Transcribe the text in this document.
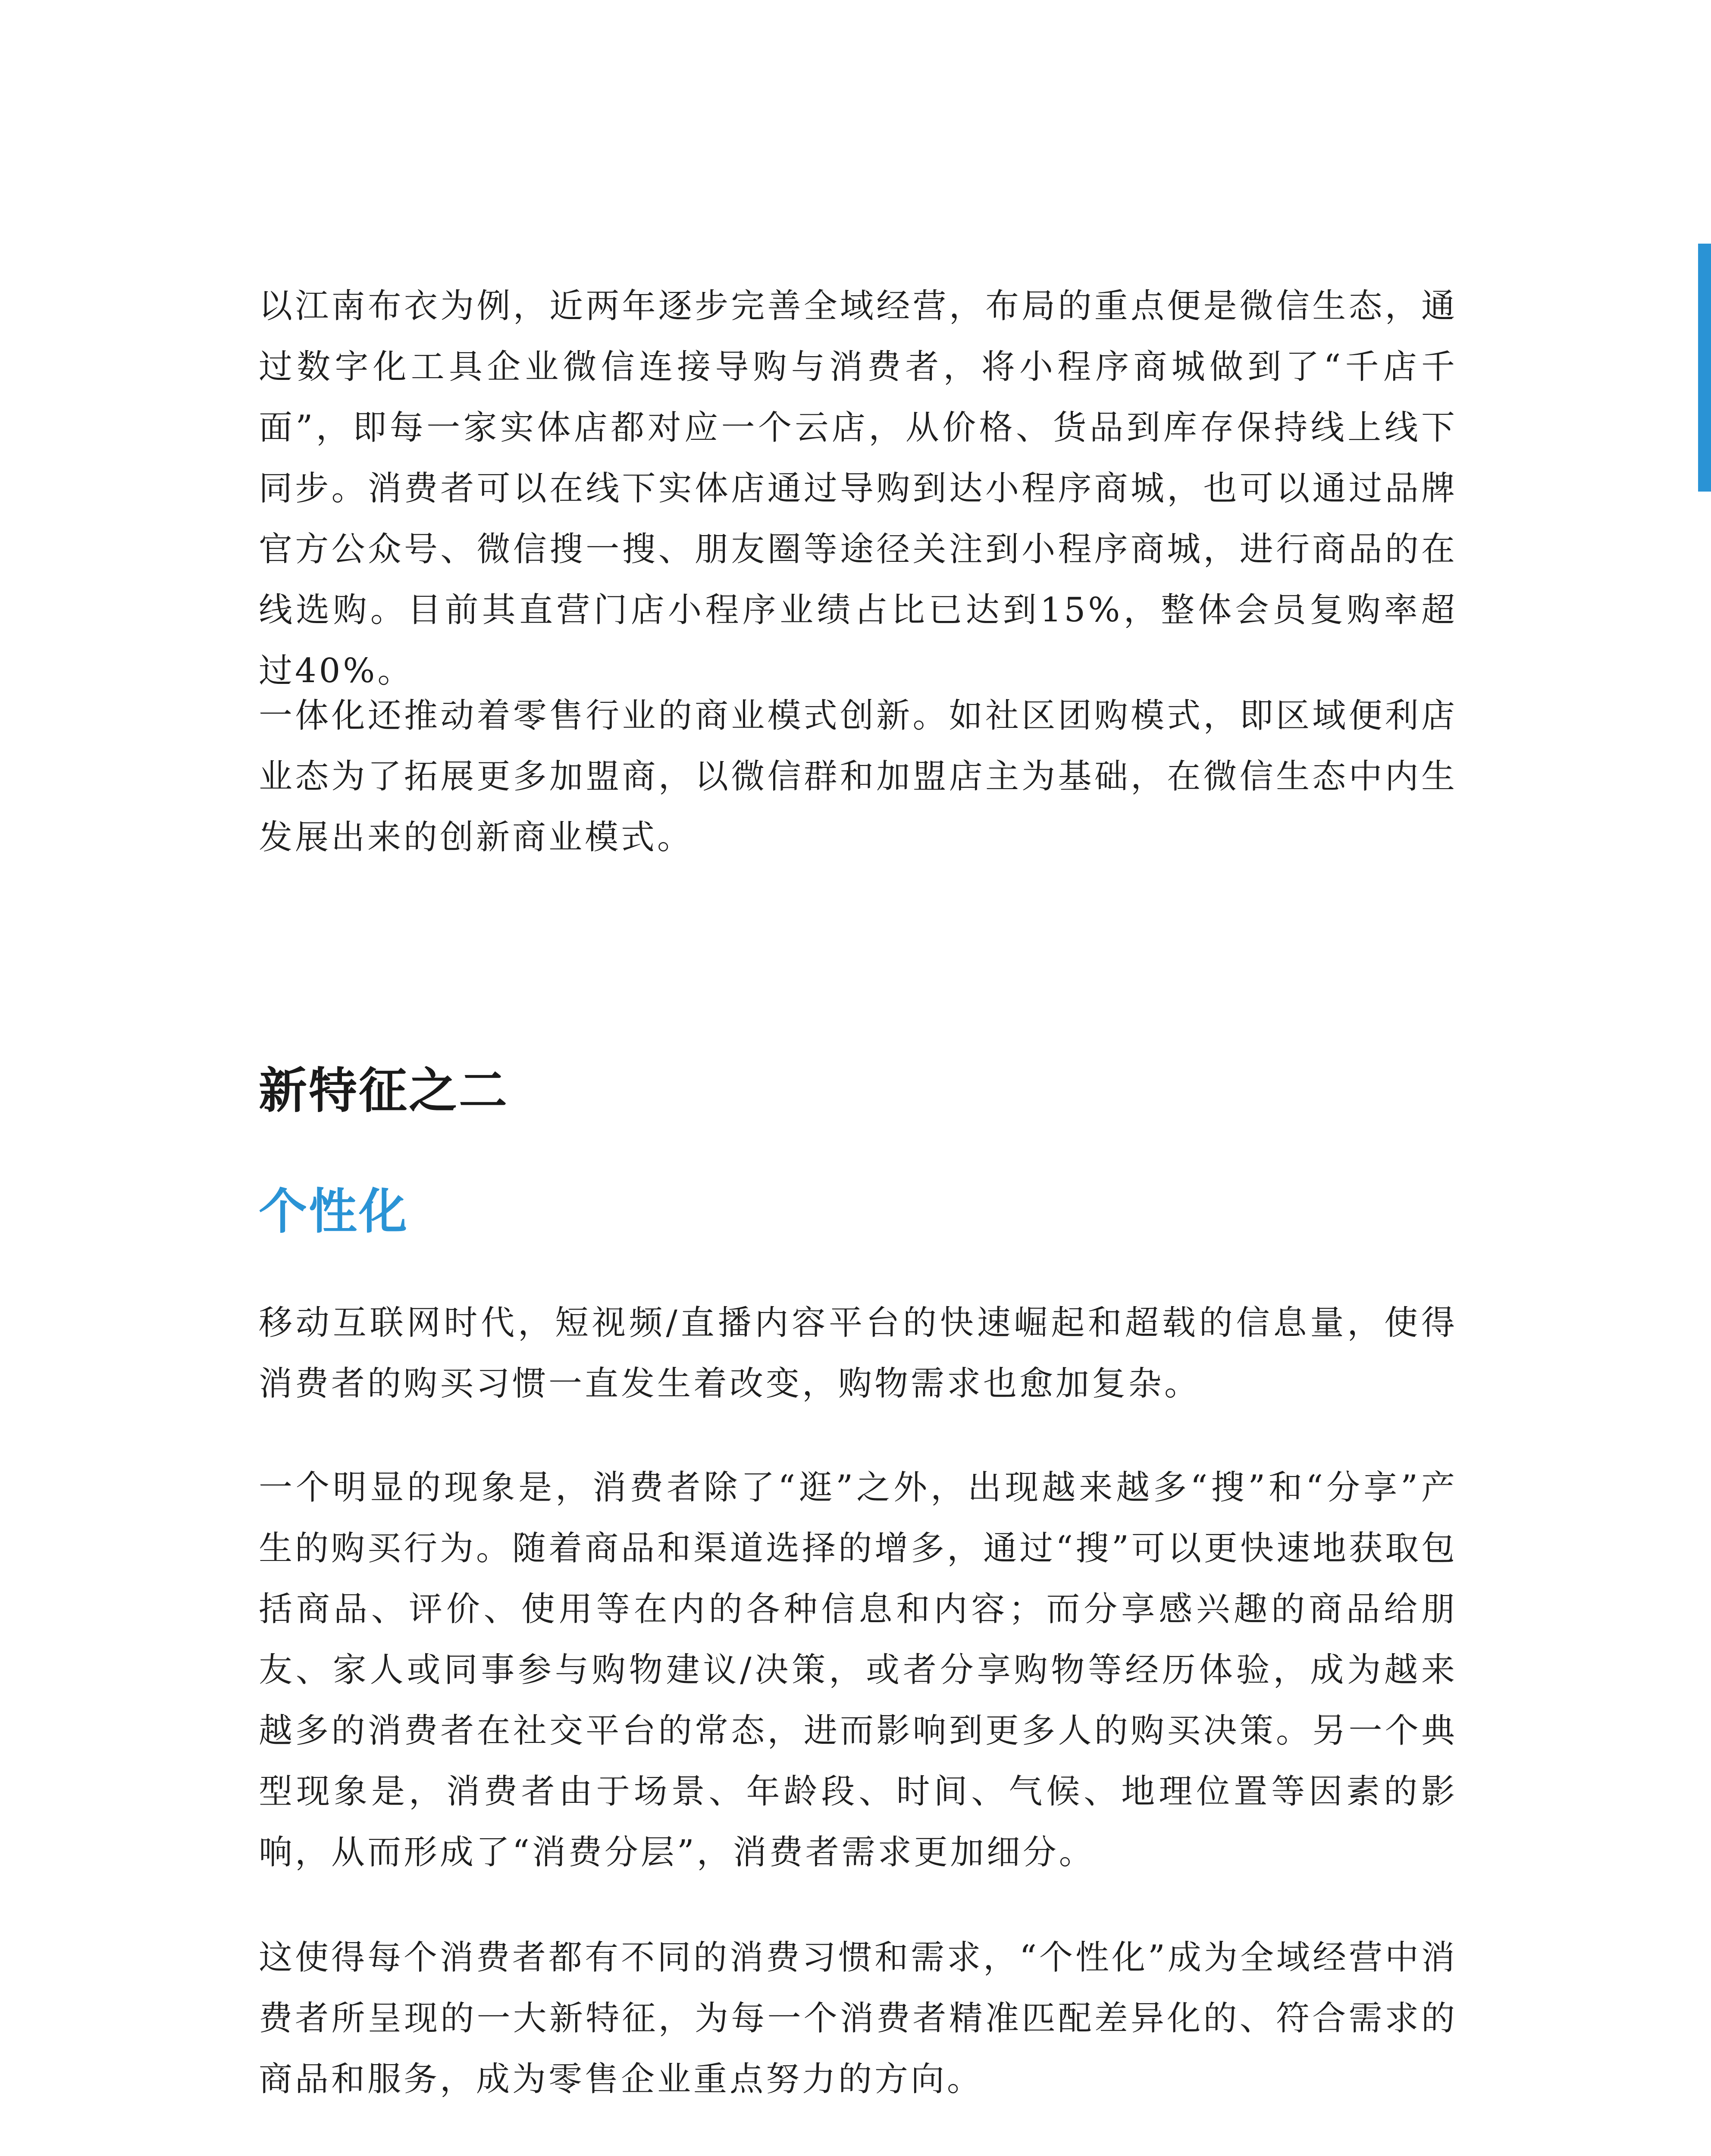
以江南布衣为例，近两年逐步完善全域经营，布局的重点便是微信生态，通过数字化工具企业微信连接导购与消费者，将小程序商城做到了“千店千面”，即每一家实体店都对应一个云店，从价格、货品到库存保持线上线下同步。消费者可以在线下实体店通过导购到达小程序商城，也可以通过品牌官方公众号、微信搜一搜、朋友圈等途径关注到小程序商城，进行商品的在线选购。目前其直营门店小程序业绩占比已达到15%，整体会员复购率超过40%。

一体化还推动着零售行业的商业模式创新。如社区团购模式，即区域便利店业态为了拓展更多加盟商，以微信群和加盟店主为基础，在微信生态中内生发展出来的创新商业模式。

新特征之二
个性化

移动互联网时代，短视频/直播内容平台的快速崛起和超载的信息量，使得消费者的购买习惯一直发生着改变，购物需求也愈加复杂。

一个明显的现象是，消费者除了“逛”之外，出现越来越多“搜”和“分享”产生的购买行为。随着商品和渠道选择的增多，通过“搜”可以更快速地获取包括商品、评价、使用等在内的各种信息和内容；而分享感兴趣的商品给朋友、家人或同事参与购物建议/决策，或者分享购物等经历体验，成为越来越多的消费者在社交平台的常态，进而影响到更多人的购买决策。另一个典型现象是，消费者由于场景、年龄段、时间、气候、地理位置等因素的影响，从而形成了“消费分层”，消费者需求更加细分。

这使得每个消费者都有不同的消费习惯和需求，“个性化”成为全域经营中消费者所呈现的一大新特征，为每一个消费者精准匹配差异化的、符合需求的商品和服务，成为零售企业重点努力的方向。
